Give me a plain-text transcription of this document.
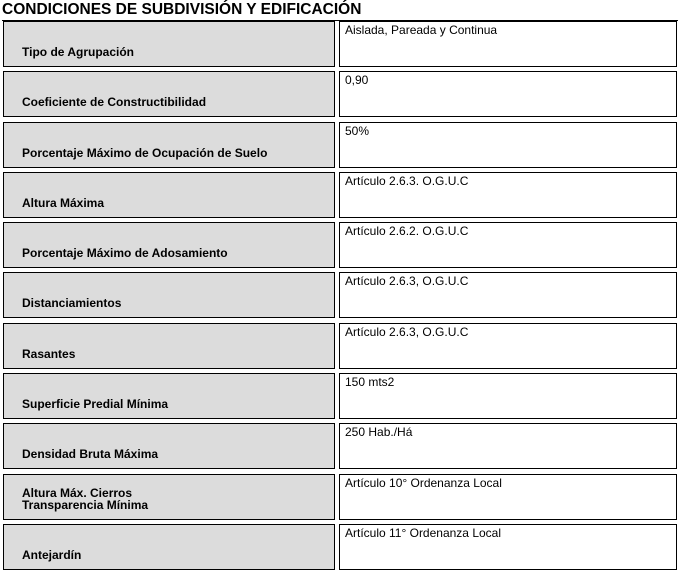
CONDICIONES DE SUBDIVISIÓN Y EDIFICACIÓN
Tipo de Agrupación
Aislada, Pareada y Continua
Coeficiente de Constructibilidad
0,90
Porcentaje Máximo de Ocupación de Suelo
50%
Altura Máxima
Artículo 2.6.3. O.G.U.C
Porcentaje Máximo de Adosamiento
Artículo 2.6.2. O.G.U.C
Distanciamientos
Artículo 2.6.3, O.G.U.C
Rasantes
Artículo 2.6.3, O.G.U.C
Superficie Predial Mínima
150 mts2
Densidad Bruta Máxima
250 Hab./Há
Altura Máx. Cierros
Transparencia Mínima
Artículo 10° Ordenanza Local
Antejardín
Artículo 11° Ordenanza Local
